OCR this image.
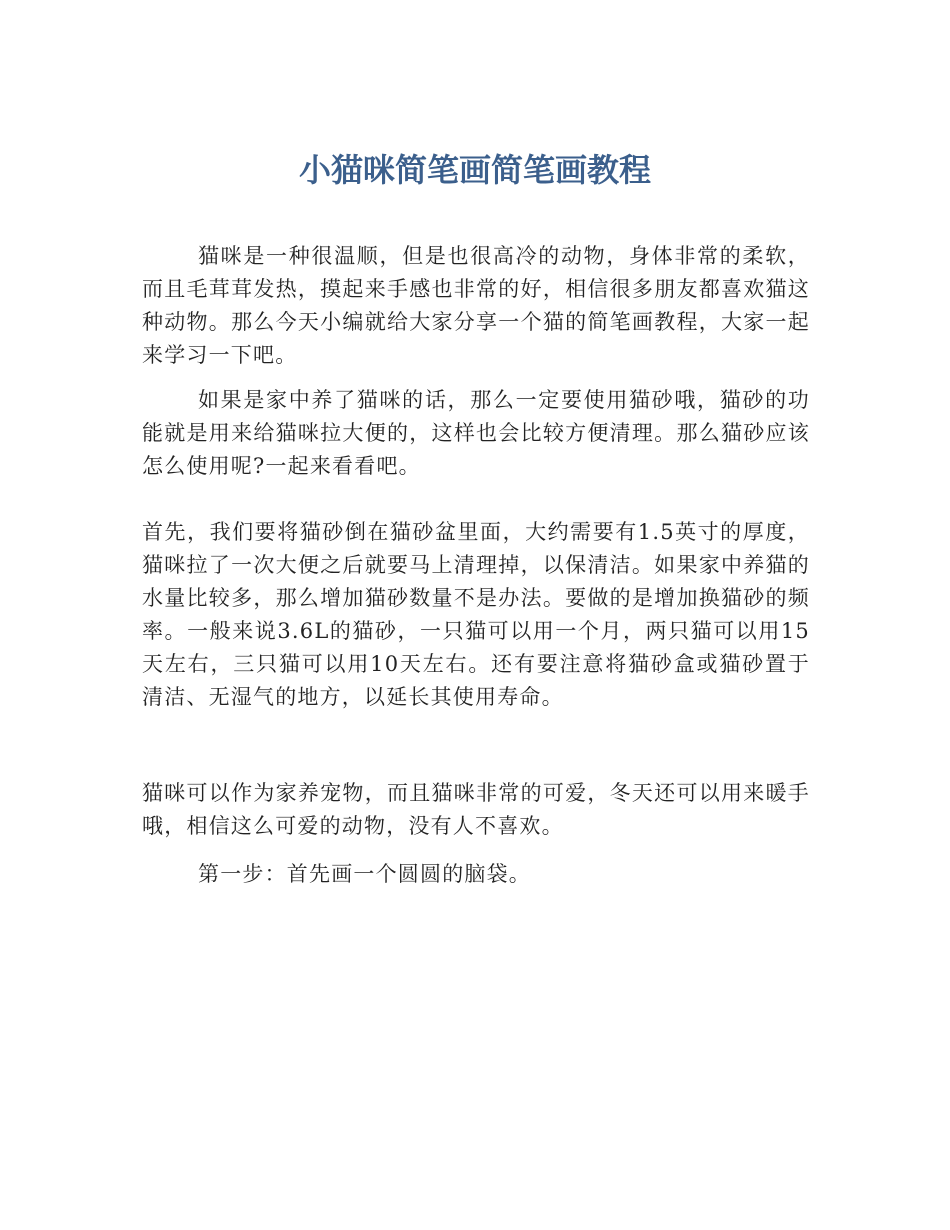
小猫咪简笔画简笔画教程

猫咪是一种很温顺，但是也很高冷的动物，身体非常的柔软，而且毛茸茸发热，摸起来手感也非常的好，相信很多朋友都喜欢猫这种动物。那么今天小编就给大家分享一个猫的简笔画教程，大家一起来学习一下吧。

如果是家中养了猫咪的话，那么一定要使用猫砂哦，猫砂的功能就是用来给猫咪拉大便的，这样也会比较方便清理。那么猫砂应该怎么使用呢?一起来看看吧。

首先，我们要将猫砂倒在猫砂盆里面，大约需要有1.5英寸的厚度，猫咪拉了一次大便之后就要马上清理掉，以保清洁。如果家中养猫的水量比较多，那么增加猫砂数量不是办法。要做的是增加换猫砂的频率。一般来说3.6L的猫砂，一只猫可以用一个月，两只猫可以用15天左右，三只猫可以用10天左右。还有要注意将猫砂盒或猫砂置于清洁、无湿气的地方，以延长其使用寿命。

猫咪可以作为家养宠物，而且猫咪非常的可爱，冬天还可以用来暖手哦，相信这么可爱的动物，没有人不喜欢。

第一步：首先画一个圆圆的脑袋。
